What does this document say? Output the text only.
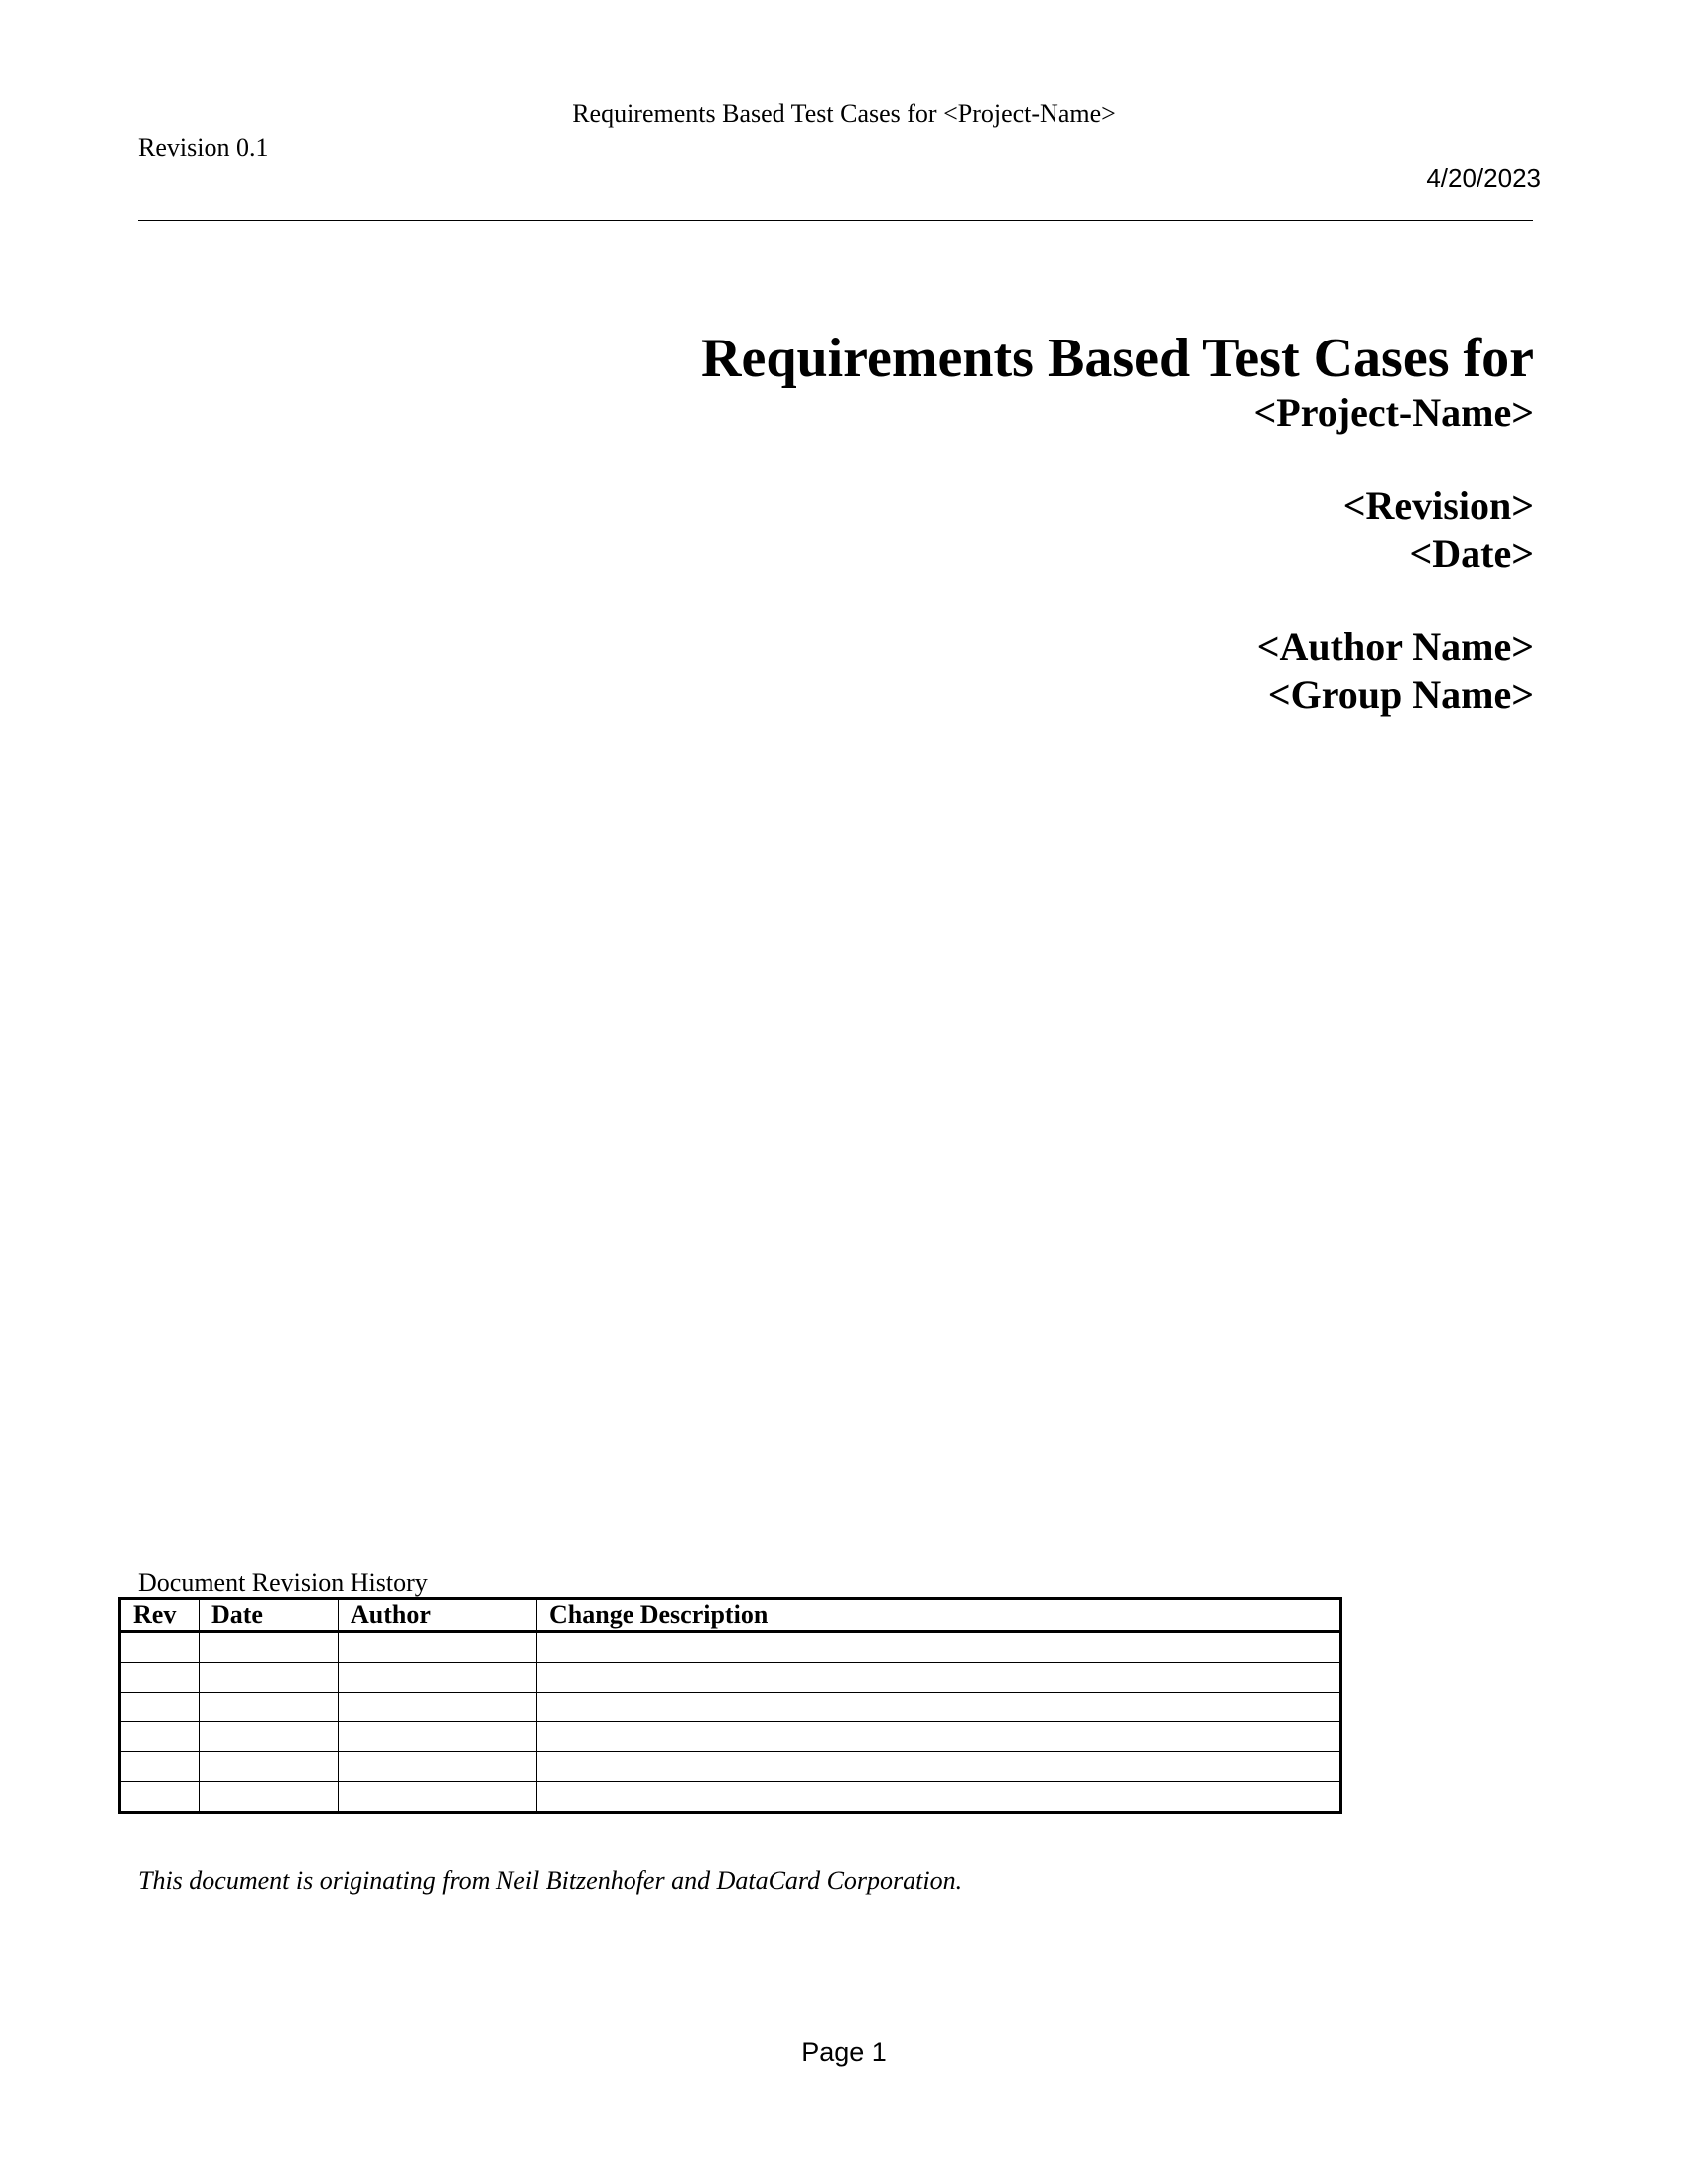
Requirements Based Test Cases for <Project-Name>
Revision 0.1
4/20/2023
Requirements Based Test Cases for
<Project-Name>
<Revision>
<Date>
<Author Name>
<Group Name>
Document Revision History
Rev	Date	Author	Change Description

This document is originating from Neil Bitzenhofer and DataCard Corporation.
Page 1
